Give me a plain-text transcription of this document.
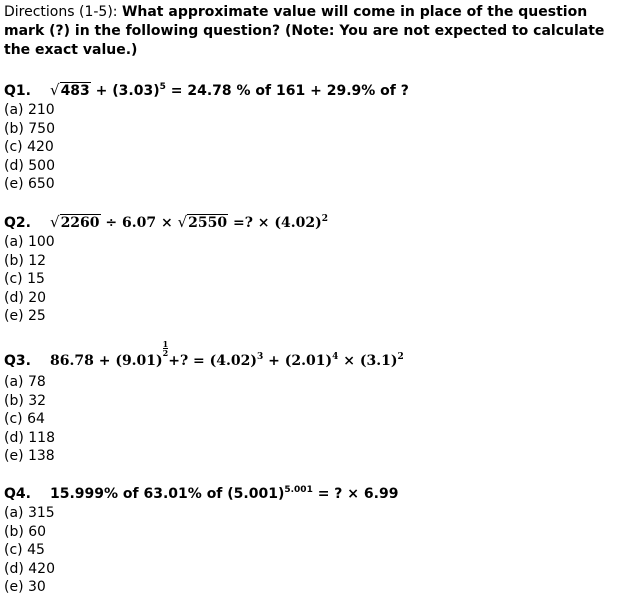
Directions (1-5): What approximate value will come in place of the question mark (?) in the following question? (Note: You are not expected to calculate the exact value.)
Q1. $√483 + (3.03)^5 = 24.78$ % of 161 + 29.9% of ?
(a) 210
(b) 750
(c) 420
(d) 500
(e) 650
Q2. √2260 ÷ 6.07 × √2550 =? × $(4.02)^2$
(a) 100
(b) 12
(c) 15
(d) 20
(e) 25
Q3. 86.78 + (9.01)
$\frac{1}{2}$
+? = $(4.02)^3 + (2.01)^4 \times (3.1)^2$
(a) 78
(b) 32
(c) 64
(d) 118
(e) 138
Q4. 15.999% of 63.01% of $(5.001)^{5.001}$ = ? × 6.99
(a) 315
(b) 60
(c) 45
(d) 420
(e) 30
